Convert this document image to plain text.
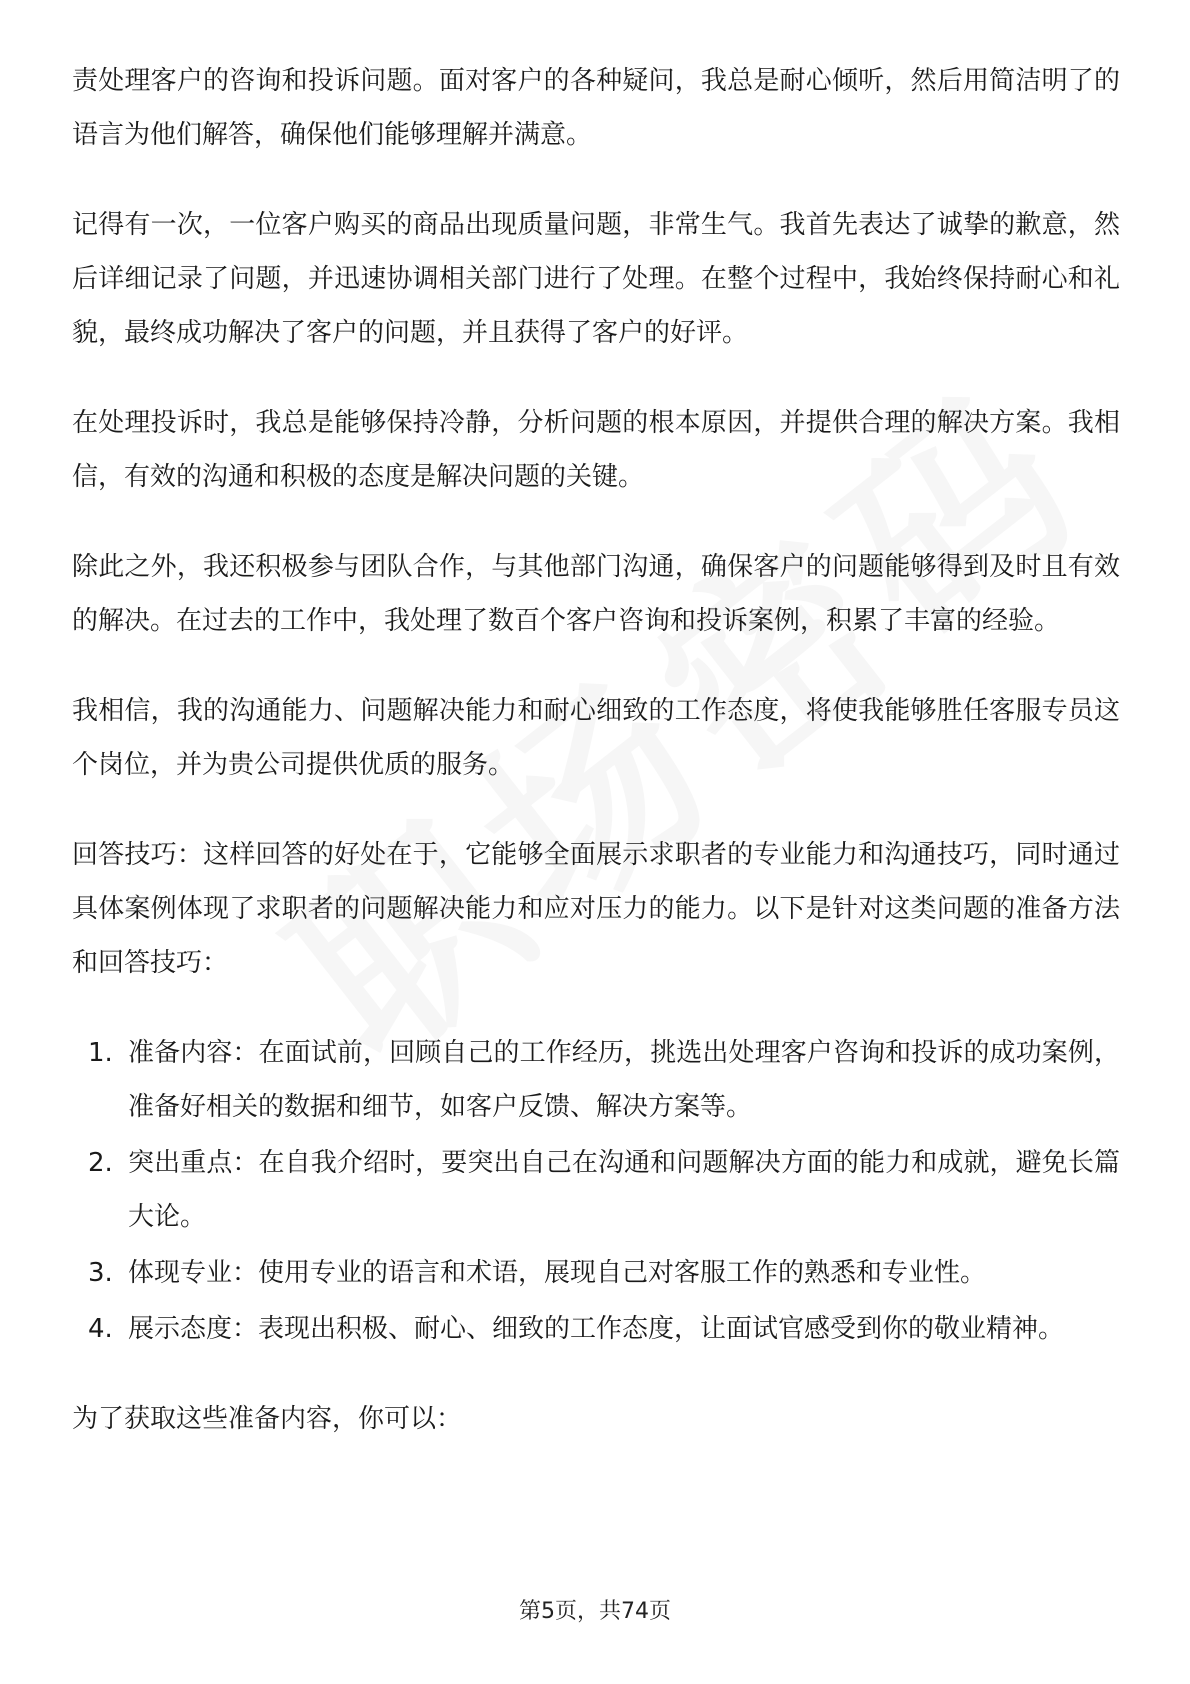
责处理客户的咨询和投诉问题。面对客户的各种疑问，我总是耐心倾听，然后用简洁明了的语言为他们解答，确保他们能够理解并满意。

记得有一次，一位客户购买的商品出现质量问题，非常生气。我首先表达了诚挚的歉意，然后详细记录了问题，并迅速协调相关部门进行了处理。在整个过程中，我始终保持耐心和礼貌，最终成功解决了客户的问题，并且获得了客户的好评。

在处理投诉时，我总是能够保持冷静，分析问题的根本原因，并提供合理的解决方案。我相信，有效的沟通和积极的态度是解决问题的关键。

除此之外，我还积极参与团队合作，与其他部门沟通，确保客户的问题能够得到及时且有效的解决。在过去的工作中，我处理了数百个客户咨询和投诉案例，积累了丰富的经验。

我相信，我的沟通能力、问题解决能力和耐心细致的工作态度，将使我能够胜任客服专员这个岗位，并为贵公司提供优质的服务。

回答技巧：这样回答的好处在于，它能够全面展示求职者的专业能力和沟通技巧，同时通过具体案例体现了求职者的问题解决能力和应对压力的能力。以下是针对这类问题的准备方法和回答技巧：

1. 准备内容：在面试前，回顾自己的工作经历，挑选出处理客户咨询和投诉的成功案例，准备好相关的数据和细节，如客户反馈、解决方案等。
2. 突出重点：在自我介绍时，要突出自己在沟通和问题解决方面的能力和成就，避免长篇大论。
3. 体现专业：使用专业的语言和术语，展现自己对客服工作的熟悉和专业性。
4. 展示态度：表现出积极、耐心、细致的工作态度，让面试官感受到你的敬业精神。

为了获取这些准备内容，你可以：

第5页，共74页
